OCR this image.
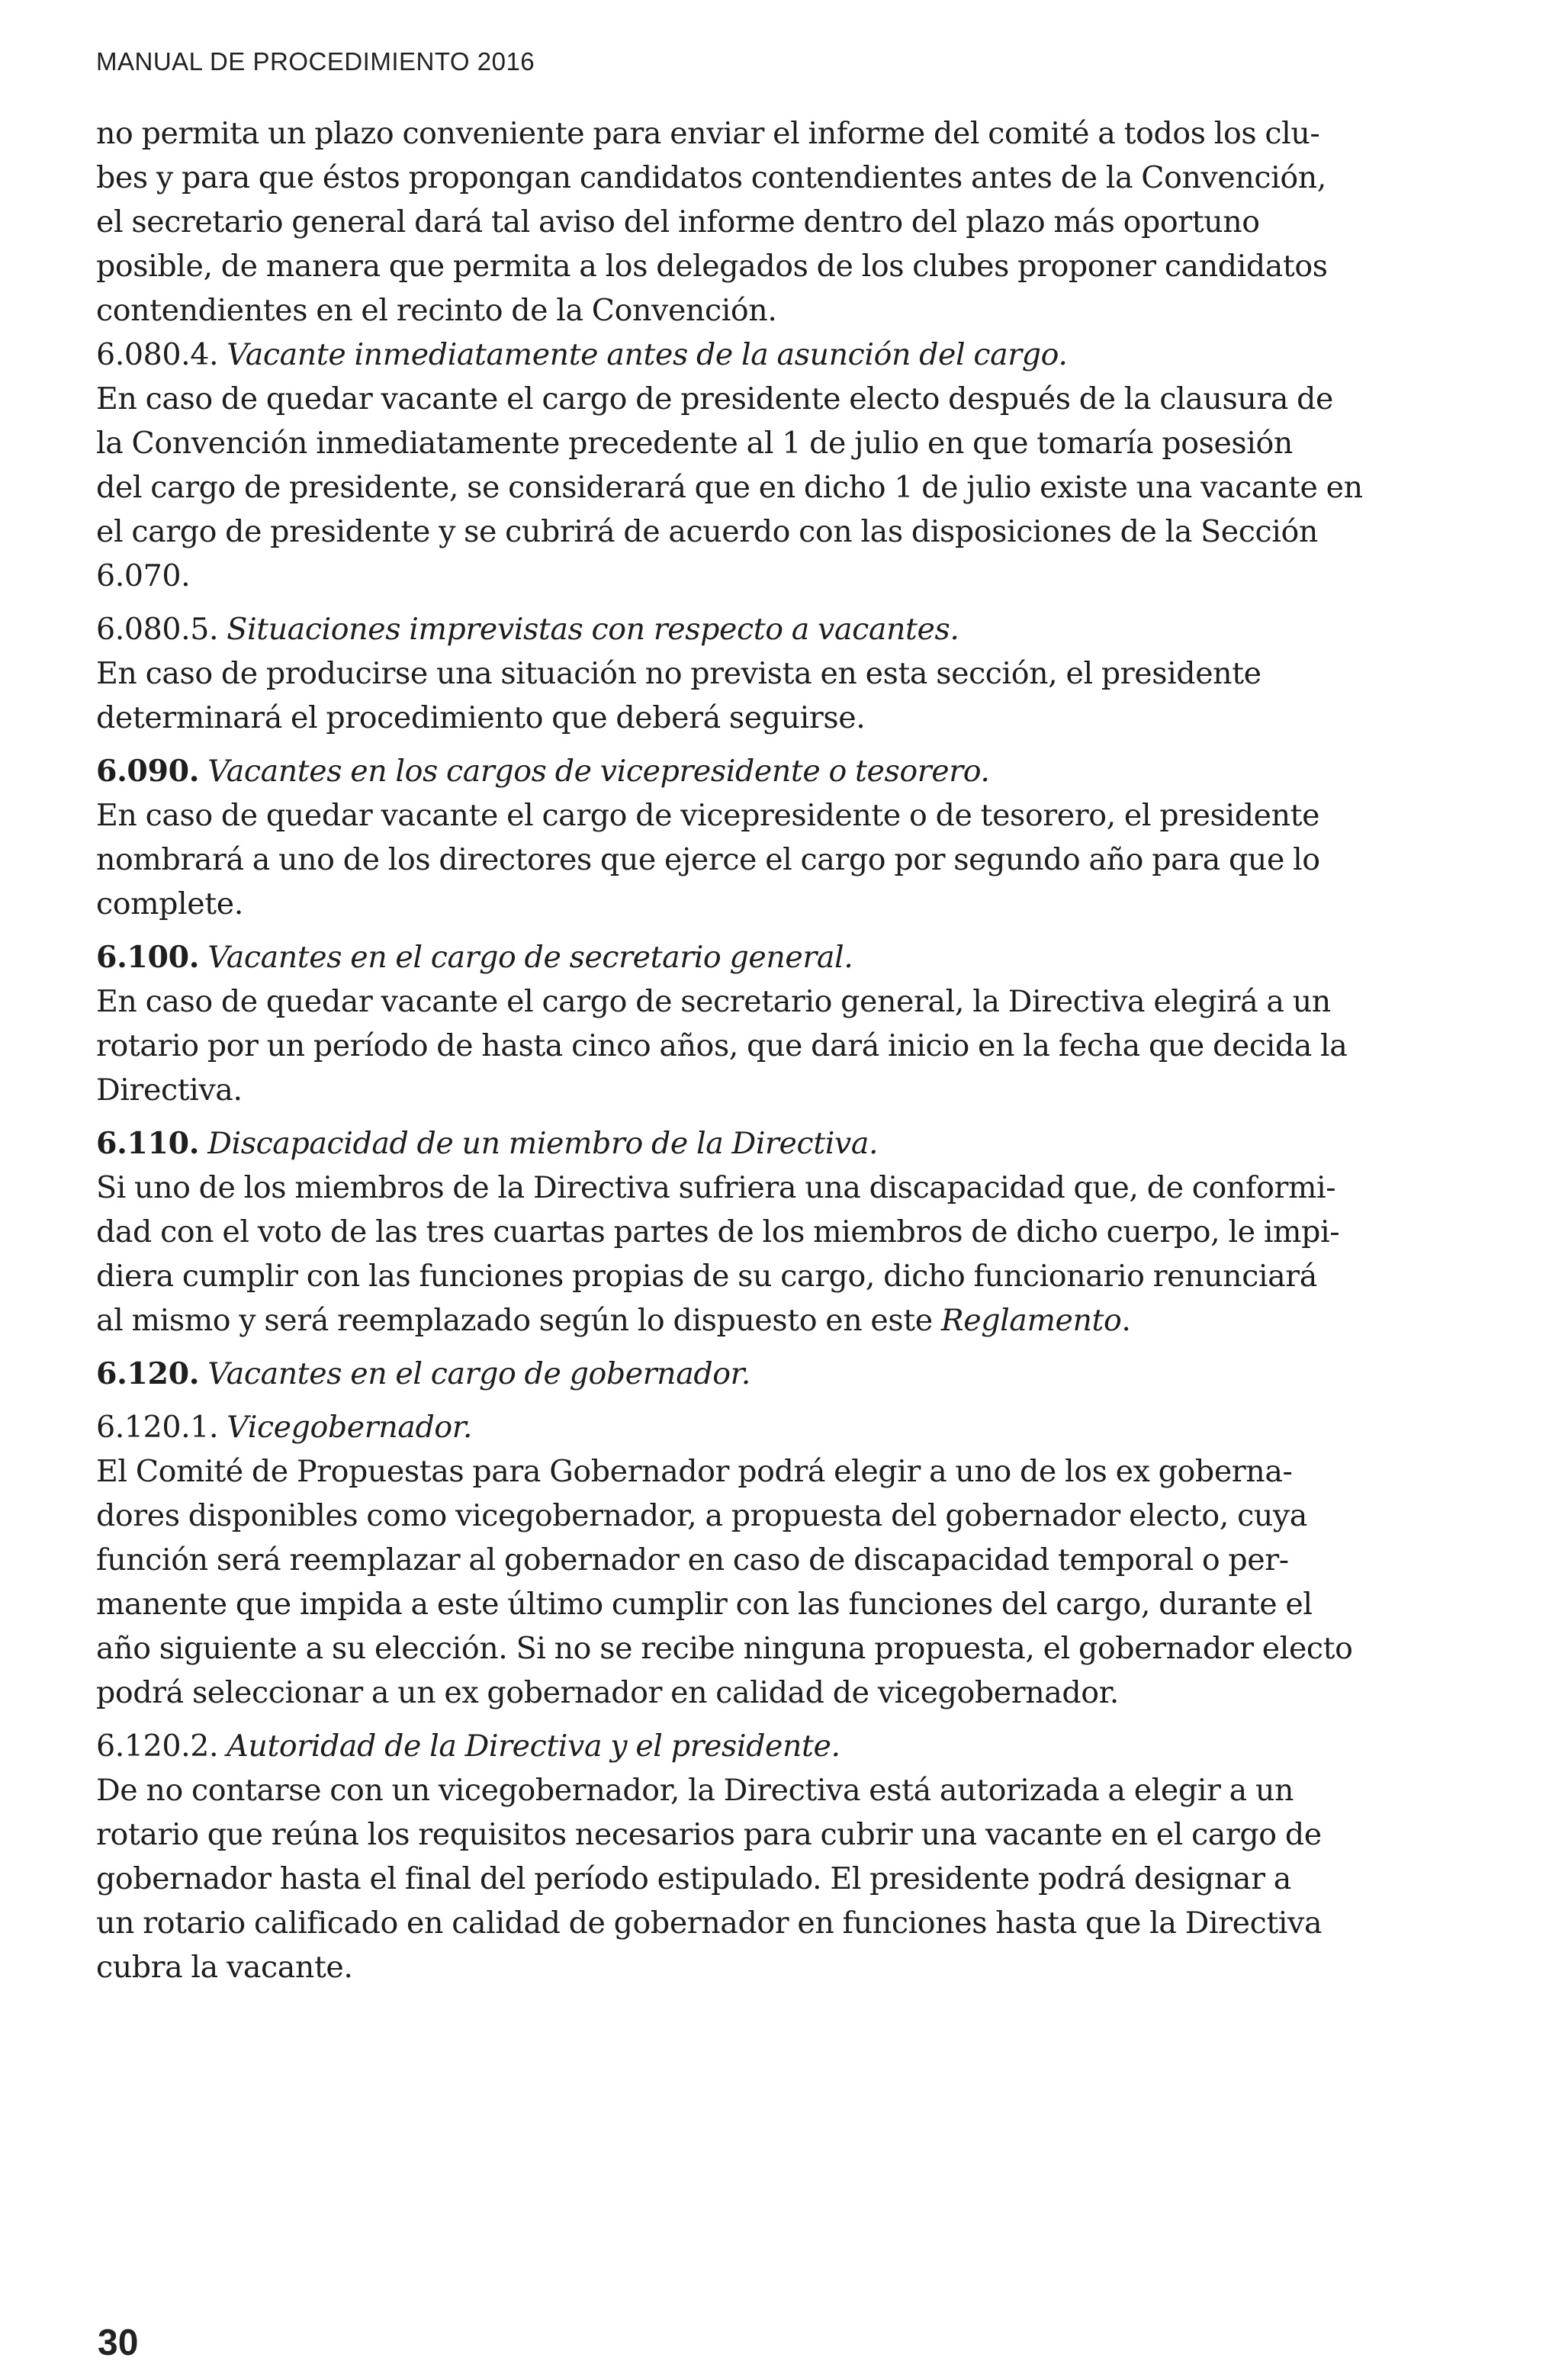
MANUAL DE PROCEDIMIENTO 2016

no permita un plazo conveniente para enviar el informe del comité a todos los clu-
bes y para que éstos propongan candidatos contendientes antes de la Convención,
el secretario general dará tal aviso del informe dentro del plazo más oportuno
posible, de manera que permita a los delegados de los clubes proponer candidatos
contendientes en el recinto de la Convención.

6.080.4. Vacante inmediatamente antes de la asunción del cargo.
En caso de quedar vacante el cargo de presidente electo después de la clausura de
la Convención inmediatamente precedente al 1 de julio en que tomaría posesión
del cargo de presidente, se considerará que en dicho 1 de julio existe una vacante en
el cargo de presidente y se cubrirá de acuerdo con las disposiciones de la Sección
6.070.
6.080.5. Situaciones imprevistas con respecto a vacantes.
En caso de producirse una situación no prevista en esta sección, el presidente
determinará el procedimiento que deberá seguirse.
6.090. Vacantes en los cargos de vicepresidente o tesorero.
En caso de quedar vacante el cargo de vicepresidente o de tesorero, el presidente
nombrará a uno de los directores que ejerce el cargo por segundo año para que lo
complete.
6.100. Vacantes en el cargo de secretario general.
En caso de quedar vacante el cargo de secretario general, la Directiva elegirá a un
rotario por un período de hasta cinco años, que dará inicio en la fecha que decida la
Directiva.
6.110. Discapacidad de un miembro de la Directiva.
Si uno de los miembros de la Directiva sufriera una discapacidad que, de conformi-
dad con el voto de las tres cuartas partes de los miembros de dicho cuerpo, le impi-
diera cumplir con las funciones propias de su cargo, dicho funcionario renunciará
al mismo y será reemplazado según lo dispuesto en este Reglamento.
6.120. Vacantes en el cargo de gobernador.
6.120.1. Vicegobernador.
El Comité de Propuestas para Gobernador podrá elegir a uno de los ex goberna-
dores disponibles como vicegobernador, a propuesta del gobernador electo, cuya
función será reemplazar al gobernador en caso de discapacidad temporal o per-
manente que impida a este último cumplir con las funciones del cargo, durante el
año siguiente a su elección. Si no se recibe ninguna propuesta, el gobernador electo
podrá seleccionar a un ex gobernador en calidad de vicegobernador.
6.120.2. Autoridad de la Directiva y el presidente.
De no contarse con un vicegobernador, la Directiva está autorizada a elegir a un
rotario que reúna los requisitos necesarios para cubrir una vacante en el cargo de
gobernador hasta el final del período estipulado. El presidente podrá designar a
un rotario calificado en calidad de gobernador en funciones hasta que la Directiva
cubra la vacante.
30
